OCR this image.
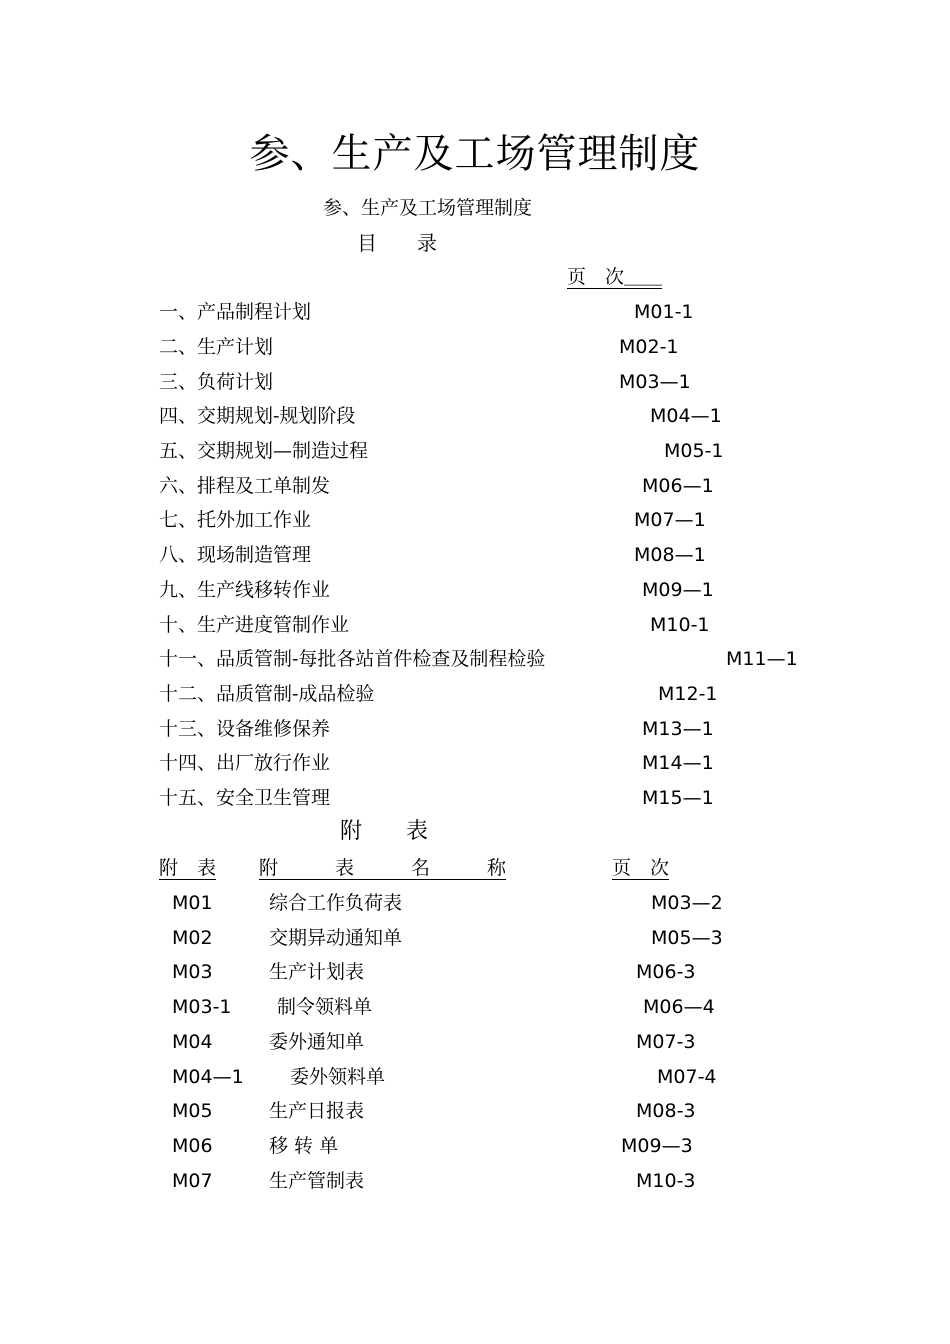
参、生产及工场管理制度
参、生产及工场管理制度
目　　录
页　次＿＿
一、产品制程计划	M01-1
二、生产计划	M02-1
三、负荷计划	M03—1
四、交期规划-规划阶段	M04—1
五、交期规划—制造过程	M05-1
六、排程及工单制发	M06—1
七、托外加工作业	M07—1
八、现场制造管理	M08—1
九、生产线移转作业	M09—1
十、生产进度管制作业	M10-1
十一、品质管制-每批各站首件检查及制程检验	M11—1
十二、品质管制-成品检验	M12-1
十三、设备维修保养	M13—1
十四、出厂放行作业	M14—1
十五、安全卫生管理	M15—1
附　　表
附　表 附　　　表　　　名　　　称	页　次
M01	综合工作负荷表	M03—2
M02	交期异动通知单	M05—3
M03	生产计划表	M06-3
M03-1 制令领料单	M06—4
M04	委外通知单	M07-3
M04—1 委外领料单	M07-4
M05	生产日报表	M08-3
M06	移 转 单	M09—3
M07	生产管制表	M10-3
